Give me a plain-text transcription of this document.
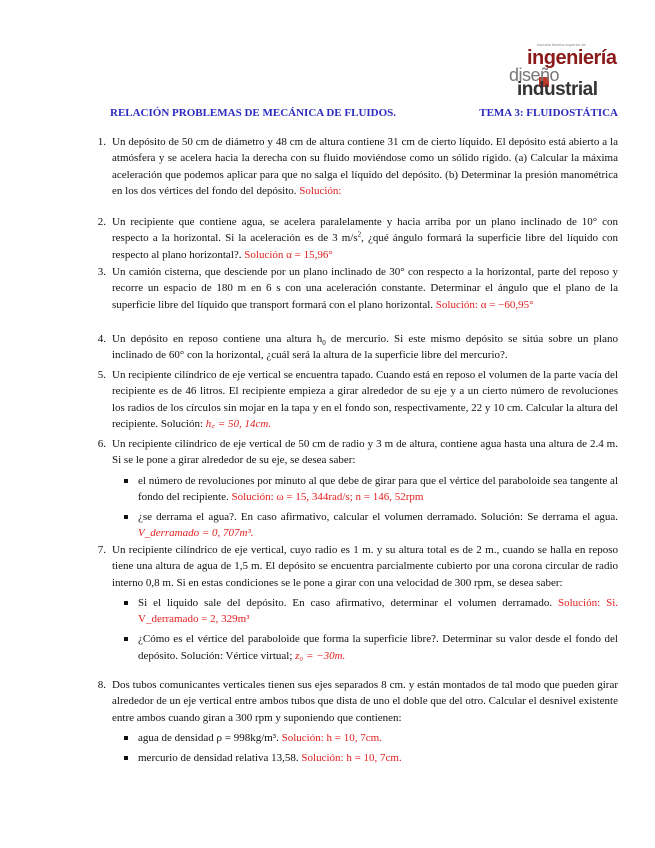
escuela técnica superior de
ingeniería
diseño
industrial
RELACIÓN PROBLEMAS DE MECÁNICA DE FLUIDOS.	TEMA 3: FLUIDOSTÁTICA
1. Un depósito de 50 cm de diámetro y 48 cm de altura contiene 31 cm de cierto líquido. El depósito está abierto a la atmósfera y se acelera hacia la derecha con su fluido moviéndose como un sólido rígido. (a) Calcular la máxima aceleración que podemos aplicar para que no salga el líquido del depósito. (b) Determinar la presión manométrica en los dos vértices del fondo del depósito. Solución:
2. Un recipiente que contiene agua, se acelera paralelamente y hacia arriba por un plano inclinado de 10° con respecto a la horizontal. Si la aceleración es de 3 $m/s^2$, ¿qué ángulo formará la superficie libre del líquido con respecto al plano horizontal?. Solución α = 15,96°
3. Un camión cisterna, que desciende por un plano inclinado de 30° con respecto a la horizontal, parte del reposo y recorre un espacio de 180 m en 6 s con una aceleración constante. Determinar el ángulo que el plano de la superficie libre del líquido que transport formará con el plano horizontal. Solución: α = −60,95°
4. Un depósito en reposo contiene una altura $h_0$ de mercurio. Si este mismo depósito se sitúa sobre un plano inclinado de 60° con la horizontal, ¿cuál será la altura de la superficie libre del mercurio?.
5. Un recipiente cilíndrico de eje vertical se encuentra tapado. Cuando está en reposo el volumen de la parte vacía del recipiente es de 46 litros. El recipiente empieza a girar alrededor de su eje y a un cierto número de revoluciones los radios de los círculos sin mojar en la tapa y en el fondo son, respectivamente, 22 y 10 cm. Calcular la altura del recipiente. Solución: h꜀ = 50, 14cm.
6. Un recipiente cilíndrico de eje vertical de 50 cm de radio y 3 m de altura, contiene agua hasta una altura de 2.4 m. Si se le pone a girar alrededor de su eje, se desea saber:
el número de revoluciones por minuto al que debe de girar para que el vértice del paraboloide sea tangente al fondo del recipiente. Solución: ω = 15, 344rad/s; n = 146, 52rpm
¿se derrama el agua?. En caso afirmativo, calcular el volumen derramado. Solución: Se derrama el agua. V_derramado = 0, 707m³.
7. Un recipiente cilíndrico de eje vertical, cuyo radio es 1 m. y su altura total es de 2 m., cuando se halla en reposo tiene una altura de agua de 1,5 m. El depósito se encuentra parcialmente cubierto por una corona circular de radio interno 0,8 m. Si en estas condiciones se le pone a girar con una velocidad de 300 rpm, se desea saber:
Si el liquido sale del depósito. En caso afirmativo, determinar el volumen derramado. Solución: Si. V_derramado = 2, 329m³
¿Cómo es el vértice del paraboloide que forma la superficie libre?. Determinar su valor desde el fondo del depósito. Solución: Vértice virtual; z₀ = −30m.
8. Dos tubos comunicantes verticales tienen sus ejes separados 8 cm. y están montados de tal modo que pueden girar alrededor de un eje vertical entre ambos tubos que dista de uno el doble que del otro. Calcular el desnivel existente entre ambos cuando giran a 300 rpm y suponiendo que contienen:
agua de densidad ρ = 998kg/m³. Solución: h = 10, 7cm.
mercurio de densidad relativa 13,58. Solución: h = 10, 7cm.
